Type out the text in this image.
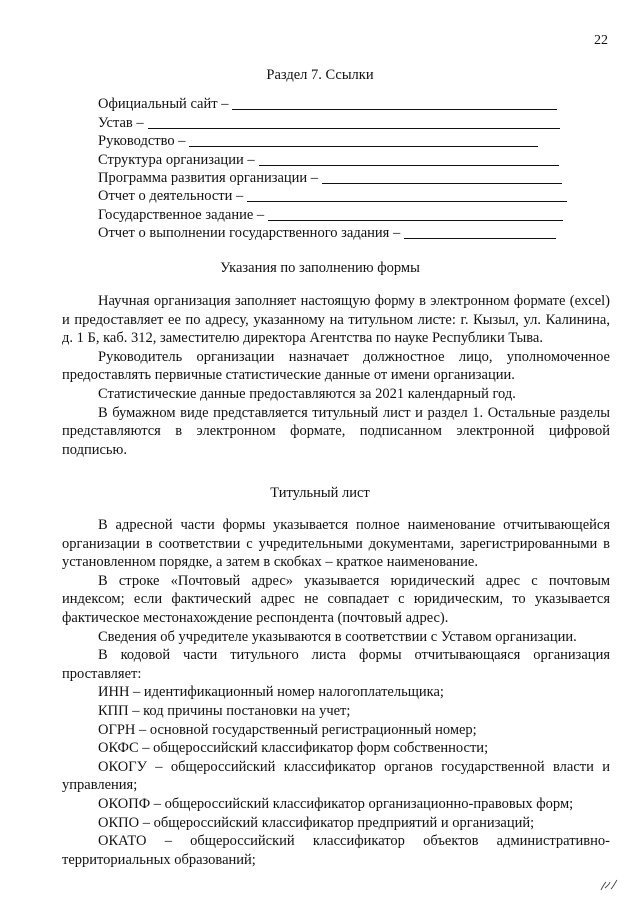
22
Раздел 7. Ссылки
Официальный сайт –
Устав –
Руководство –
Структура организации –
Программа развития организации –
Отчет о деятельности –
Государственное задание –
Отчет о выполнении государственного задания –
Указания по заполнению формы

Научная организация заполняет настоящую форму в электронном формате (excel) и предоставляет ее по адресу, указанному на титульном листе: г. Кызыл, ул. Калинина, д. 1 Б, каб. 312, заместителю директора Агентства по науке Республики Тыва.

Руководитель организации назначает должностное лицо, уполномоченное предоставлять первичные статистические данные от имени организации.

Статистические данные предоставляются за 2021 календарный год.

В бумажном виде представляется титульный лист и раздел 1. Остальные разделы представляются в электронном формате, подписанном электронной цифровой подписью.

Титульный лист

В адресной части формы указывается полное наименование отчитывающейся организации в соответствии с учредительными документами, зарегистрированными в установленном порядке, а затем в скобках – краткое наименование.

В строке «Почтовый адрес» указывается юридический адрес с почтовым индексом; если фактический адрес не совпадает с юридическим, то указывается фактическое местонахождение респондента (почтовый адрес).

Сведения об учредителе указываются в соответствии с Уставом организации.

В кодовой части титульного листа формы отчитывающаяся организация проставляет:

ИНН – идентификационный номер налогоплательщика;

КПП – код причины постановки на учет;

ОГРН – основной государственный регистрационный номер;

ОКФС – общероссийский классификатор форм собственности;

ОКОГУ – общероссийский классификатор органов государственной власти и управления;

ОКОПФ – общероссийский классификатор организационно-правовых форм;

ОКПО – общероссийский классификатор предприятий и организаций;

ОКАТО – общероссийский классификатор объектов административно-территориальных образований;
